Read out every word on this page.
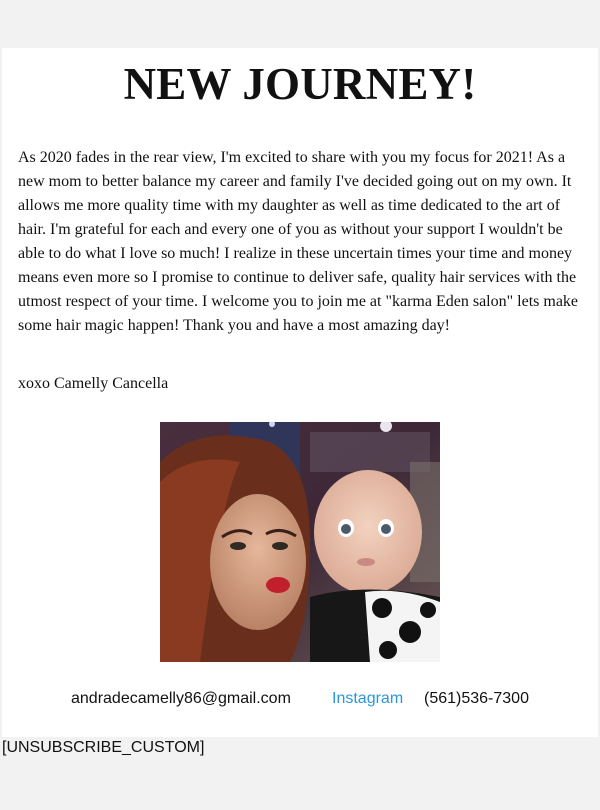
NEW JOURNEY!

As 2020 fades in the rear view, I'm excited to share with you my focus for 2021! As a new mom to better balance my career and family I've decided going out on my own. It allows me more quality time with my daughter as well as time dedicated to the art of hair. I'm grateful for each and every one of you as without your support I wouldn't be able to do what I love so much! I realize in these uncertain times your time and money means even more so I promise to continue to deliver safe, quality hair services with the utmost respect of your time. I welcome you to join me at "karma Eden salon" lets make some hair magic happen! Thank you and have a most amazing day!

xoxo Camelly Cancella

andradecamelly86@gmail.com	Instagram (561)536-7300
[UNSUBSCRIBE_CUSTOM]
